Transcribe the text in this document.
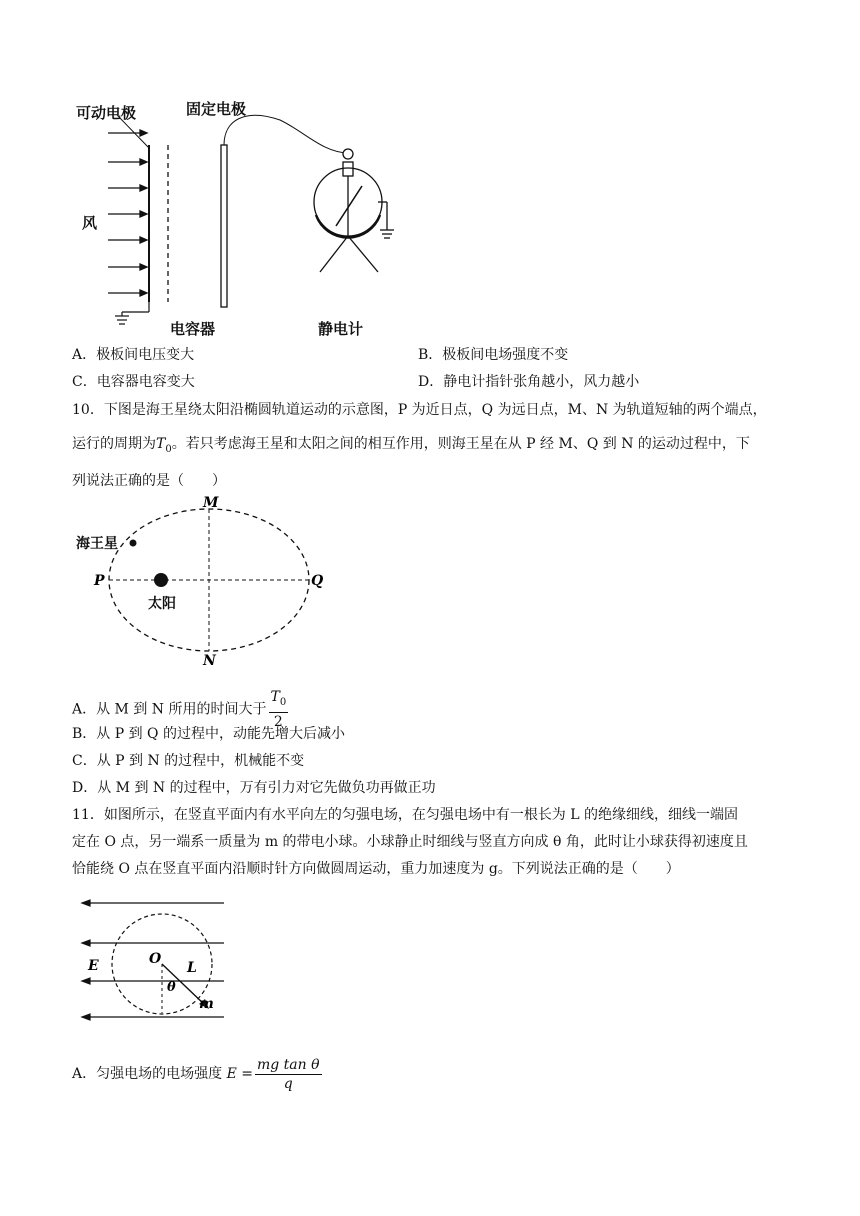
可动电极	固定电极
风
电容器	静电计
A．极板间电压变大	B．极板间电场强度不变
C．电容器电容变大	D．静电计指针张角越小，风力越小
10．下图是海王星绕太阳沿椭圆轨道运动的示意图，P 为近日点，Q 为远日点，M、N 为轨道短轴的两个端点，
运行的周期为$T_0$。若只考虑海王星和太阳之间的相互作用，则海王星在从 P 经 M、Q 到 N 的运动过程中，下
列说法正确的是（　　）
M
N
P	Q
海王星
太阳
A．从 M 到 N 所用的时间大于 $\frac{T_0}{2}$
B．从 P 到 Q 的过程中，动能先增大后减小
C．从 P 到 N 的过程中，机械能不变
D．从 M 到 N 的过程中，万有引力对它先做负功再做正功
11．如图所示，在竖直平面内有水平向左的匀强电场，在匀强电场中有一根长为 L 的绝缘细线，细线一端固
定在 O 点，另一端系一质量为 m 的带电小球。小球静止时细线与竖直方向成 θ 角，此时让小球获得初速度且
恰能绕 O 点在竖直平面内沿顺时针方向做圆周运动，重力加速度为 g。下列说法正确的是（　　）
E	O
L
θ
m
A．匀强电场的电场强度 $E = \frac{\text{mg tan θ}}{q}$
